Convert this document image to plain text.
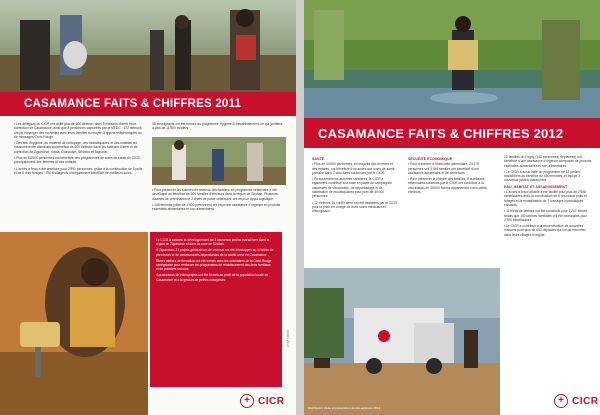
CASAMANCE FAITS & CHIFFRES 2011

• Les délégués du CICR ont visité plus de 600 détenus dans 5 maisons d'arrêt et de correction de Casamance, ainsi que 8 personnes capturées par le MFDC ; 172 détenus ont pu échanger des nouvelles avec leurs familles au moyen d'appels téléphoniques ou de messages Croix-Rouge.

• Des kits d'hygiène, du matériel de nettoyage, des moustiquaires et des matelas ont notamment été distribués au bénéfice de 600 détenus dans les maisons d'arrêt et de correction de Ziguinchor, Kolda, Oussouye, Sédhiou et Bignona.

• Plus de 64'000 personnes ont bénéficié des programmes de soins de santé du CICR, principalement des femmes et des enfants.

• L'accès à l'eau a été amélioré pour 2'991 personnes, grâce à la construction de 3 puits et de 6 mini forages ; 9'818 villageois ont également bénéficié de meilleurs soins.

48 enseignants ont été formés au programme Hygiène & Assainissement, ce qui profitera à plus de 11'500 écoliers.

• Pour préserver les sources de revenus des familles, un programme vétérinaire a été développé au bénéfice de 500 familles d'éleveurs dans la région de Sindian. Plusieurs dizaines de vétérinaires et 2 chefs de poste vétérinaire ont reçu un appui logistique.

• 148 femmes (cible de 1'500 personnes) ont reçu une assistance d'urgence en produits essentiels alimentaires et non alimentaires.

Le CICR a soutenu le développement de 3 nouveaux jardins maraîchers dans la région de Ziguinchor et dans la zone de Sindian.

À Ziguinchor, 21 projets générateurs de revenus ont été développés au bénéfice de personnes et de communautés dépendantes de la conflit armé en Casamance.

Divers ateliers de formation ont été menés avec les volontaires de la Croix-Rouge sénégalaise pour renforcer les programmes de rétablissement des liens familiaux et de premiers secours.

4 promoteurs de microprojets ont été formés au profit de la population locale en Casamance et à la gestion de petites entreprises.

+ CICR
CICR / 2012
CASAMANCE FAITS & CHIFFRES 2012
SANTÉ

• Plus de 44'000 personnes, en majorité des femmes et des enfants, ont bénéficié d'un accès aux soins de santé primaire dans 7 structures soutenues par le CICR.

• En soutenant les autorités sanitaires, le CICR a également contribué à la mise en place de campagnes nationales de vaccination, de déparasitage et de distribution de moustiquaires pour près de 40'000 personnes.

• 12 victimes du conflit armé ont été assistées par le CICR pour la prise en charge de leurs soins médicaux et chirurgicaux.

SÉCURITÉ ÉCONOMIQUE

• Pour répondre à l'insécurité alimentaire, 24'479 personnes soit 3'446 familles ont bénéficié d'une assistance alimentaire et de semences.

• Pour préserver le cheptel des familles, 6 auxiliaires vétérinaires soutenus par le CICR ont contribué à la vaccination de 30'000 bovins appartenant à des petits éleveurs.

20 familles du Fogny (148 personnes) déplacées) ont bénéficié d'une assistance d'urgence composée de produits essentiels alimentaires et non alimentaires.

• Le CICR a aussi initié un programme de 13 jardins maraîchers au bénéfice de 650 femmes, et équipé 2 nouveaux jardins maraîchers.

EAU, HABITAT ET ASSAINISSEMENT

• L'accès à l'eau potable a été facilité pour plus de 2'558 bénéficiaires avec la construction de 6 nouveaux puits et forages et la réhabilitation de 7 ouvrages hydrauliques existants.

• 11 blocs de latrines ont été construits pour 1'247 élèves, tandis que 150 latrines familiales ont été construites pour 2'300 bénéficiaires.

• Le CICR a contribué à la reconstruction de nouvelles maisons pour plus de 600 déplacés qui ont pu retourner dans leurs villages d'origine.

Distribution d'eau et préparation de kits agricoles 2012
+ CICR
